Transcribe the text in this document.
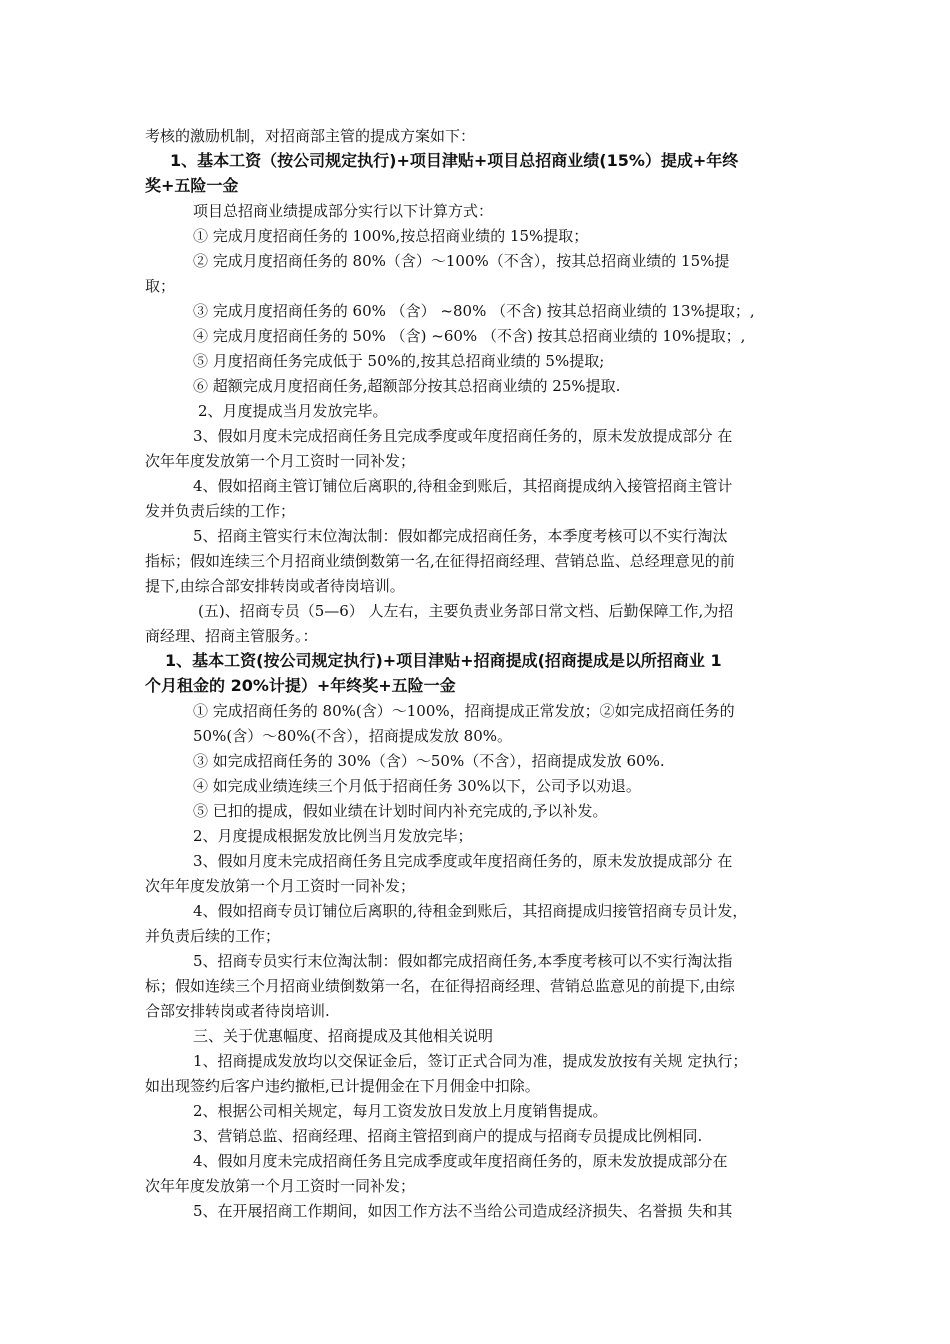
考核的激励机制，对招商部主管的提成方案如下：
1、基本工资（按公司规定执行)+项目津贴+项目总招商业绩(15%）提成+年终
奖+五险一金
项目总招商业绩提成部分实行以下计算方式：
① 完成月度招商任务的 100%,按总招商业绩的 15%提取；
② 完成月度招商任务的 80%（含）～100%（不含），按其总招商业绩的 15%提
取；
③ 完成月度招商任务的 60% （含） ~80% （不含) 按其总招商业绩的 13%提取；,
④ 完成月度招商任务的 50% （含) ~60% （不含) 按其总招商业绩的 10%提取；,
⑤ 月度招商任务完成低于 50%的,按其总招商业绩的 5%提取;
⑥ 超额完成月度招商任务,超额部分按其总招商业绩的 25%提取.
2、月度提成当月发放完毕。
3、假如月度未完成招商任务且完成季度或年度招商任务的，原未发放提成部分 在
次年年度发放第一个月工资时一同补发；
4、假如招商主管订铺位后离职的,待租金到账后，其招商提成纳入接管招商主管计
发并负责后续的工作；
5、招商主管实行末位淘汰制：假如都完成招商任务，本季度考核可以不实行淘汰
指标；假如连续三个月招商业绩倒数第一名,在征得招商经理、营销总监、总经理意见的前
提下,由综合部安排转岗或者待岗培训。
(五)、招商专员（5—6） 人左右，主要负责业务部日常文档、后勤保障工作,为招
商经理、招商主管服务。：
1、基本工资(按公司规定执行)+项目津贴+招商提成(招商提成是以所招商业 1
个月租金的 20%计提）+年终奖+五险一金
① 完成招商任务的 80%(含）～100%，招商提成正常发放；②如完成招商任务的
50%(含）～80%(不含），招商提成发放 80%。
③ 如完成招商任务的 30%（含）～50%（不含），招商提成发放 60%.
④ 如完成业绩连续三个月低于招商任务 30%以下，公司予以劝退。
⑤ 已扣的提成，假如业绩在计划时间内补充完成的,予以补发。
2、月度提成根据发放比例当月发放完毕；
3、假如月度未完成招商任务且完成季度或年度招商任务的，原未发放提成部分 在
次年年度发放第一个月工资时一同补发；
4、假如招商专员订铺位后离职的,待租金到账后，其招商提成归接管招商专员计发，
并负责后续的工作；
5、招商专员实行末位淘汰制：假如都完成招商任务,本季度考核可以不实行淘汰指
标；假如连续三个月招商业绩倒数第一名，在征得招商经理、营销总监意见的前提下,由综
合部安排转岗或者待岗培训.
三、关于优惠幅度、招商提成及其他相关说明
1、招商提成发放均以交保证金后，签订正式合同为准，提成发放按有关规 定执行；
如出现签约后客户违约撤柜,已计提佣金在下月佣金中扣除。
2、根据公司相关规定，每月工资发放日发放上月度销售提成。
3、营销总监、招商经理、招商主管招到商户的提成与招商专员提成比例相同.
4、假如月度未完成招商任务且完成季度或年度招商任务的，原未发放提成部分在
次年年度发放第一个月工资时一同补发；
5、在开展招商工作期间，如因工作方法不当给公司造成经济损失、名誉损 失和其
